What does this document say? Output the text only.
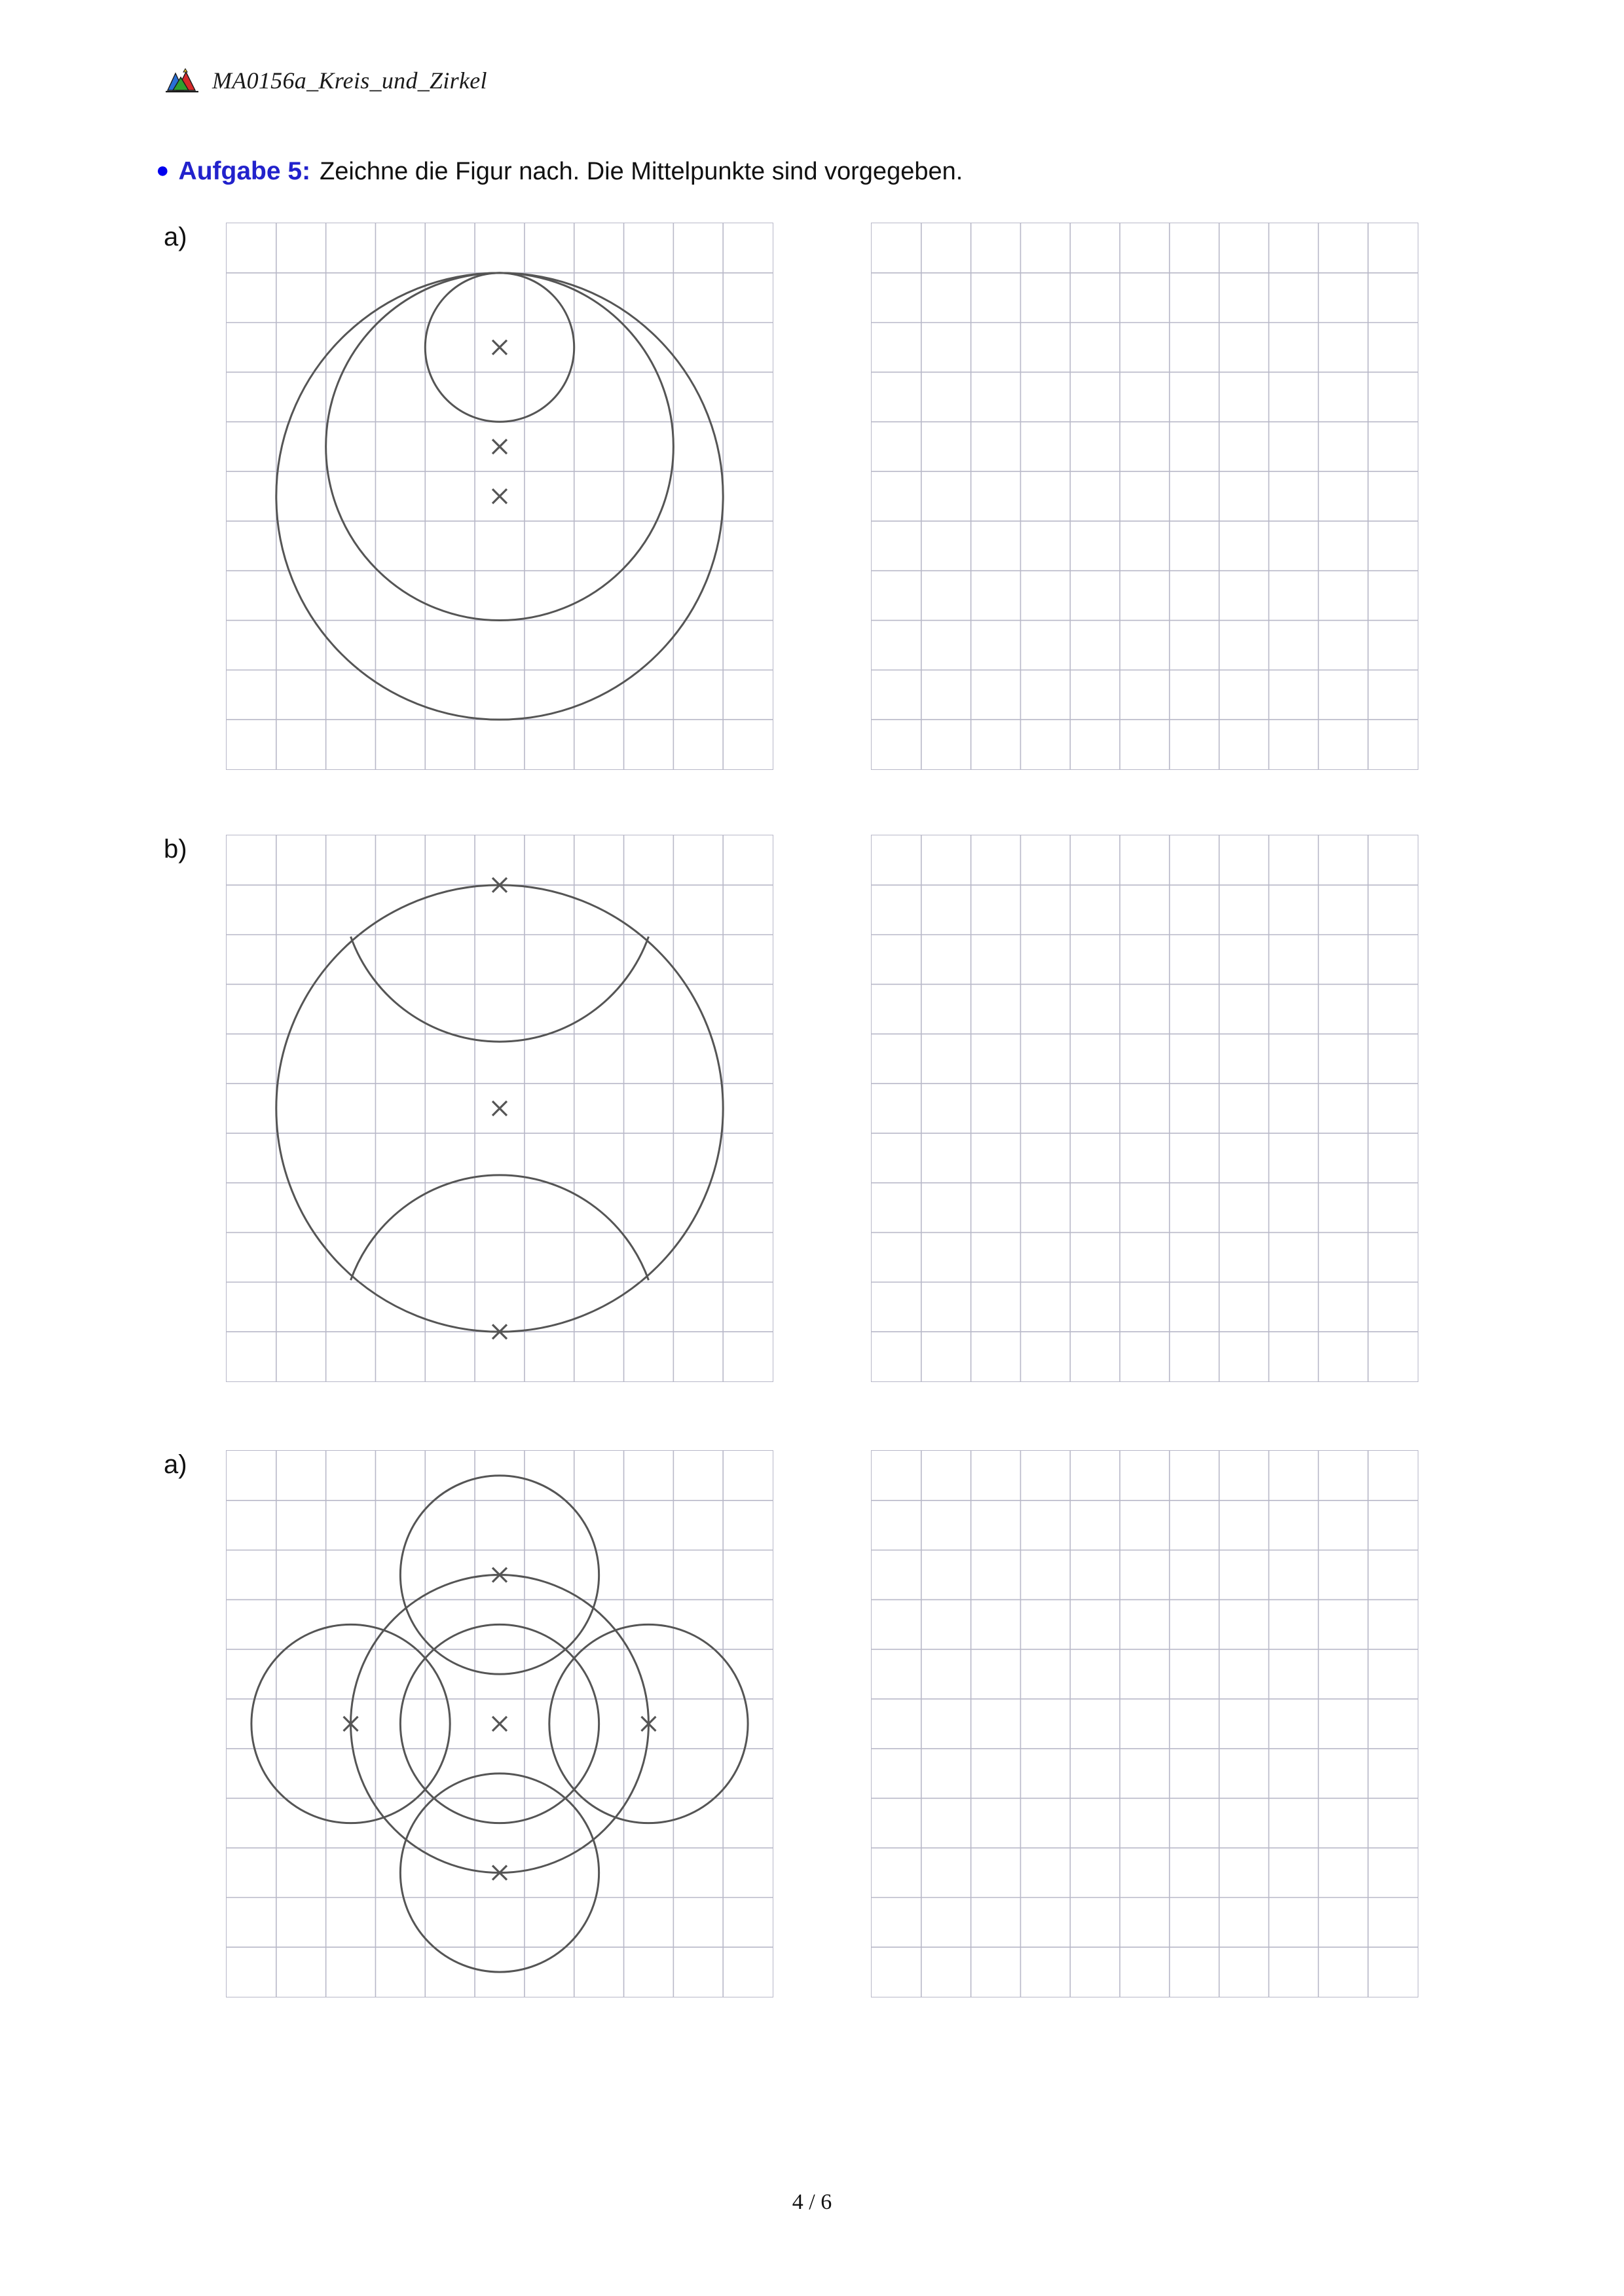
MA0156a_Kreis_und_Zirkel
● Aufgabe 5: Zeichne die Figur nach. Die Mittelpunkte sind vorgegeben.
a)
b)
a)
4 / 6
